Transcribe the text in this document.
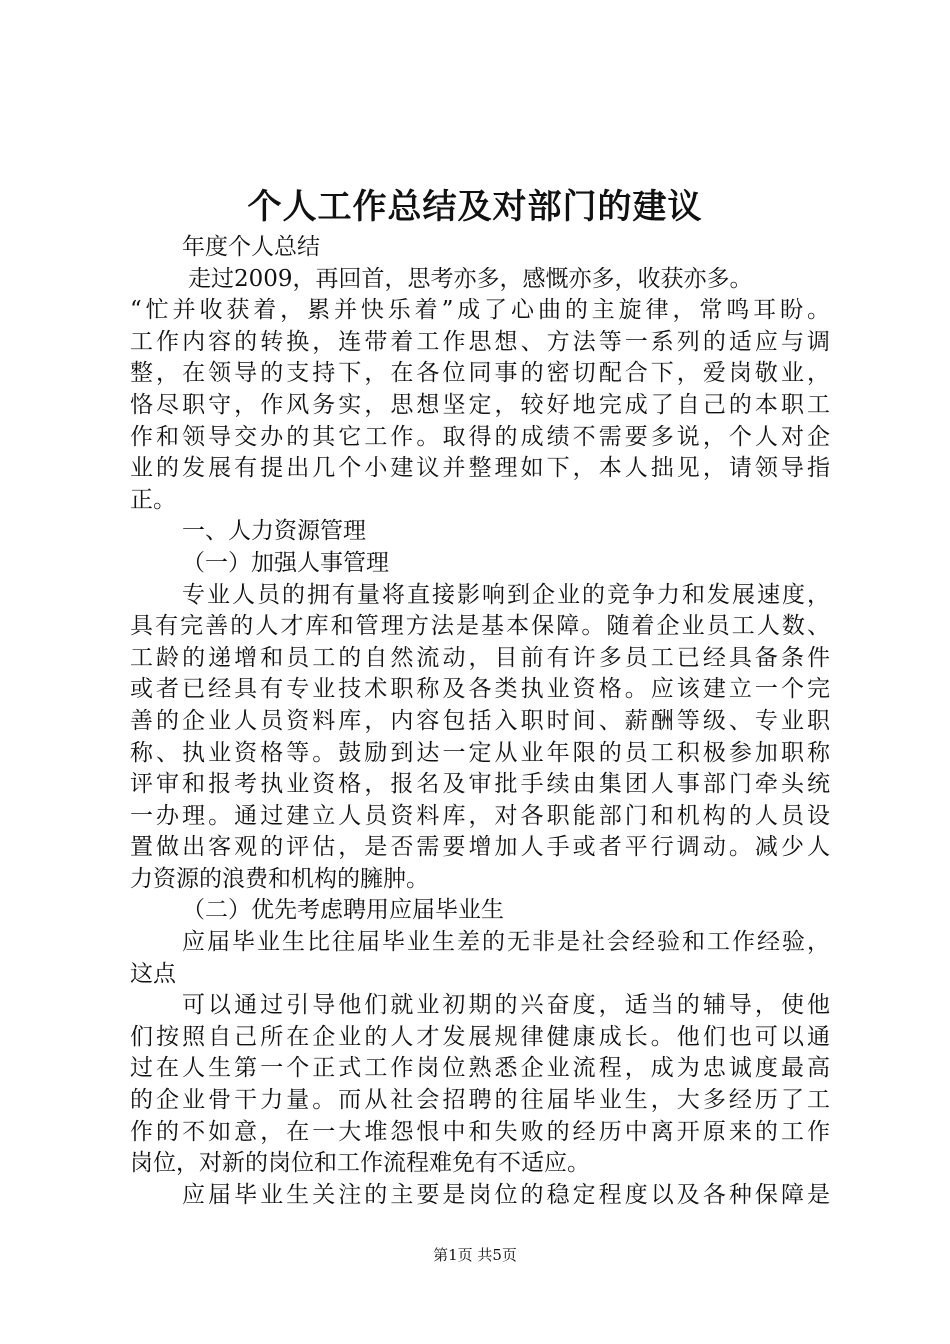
个人工作总结及对部门的建议
年度个人总结
走过2009，再回首，思考亦多，感慨亦多，收获亦多。
“忙并收获着，累并快乐着”成了心曲的主旋律，常鸣耳盼。
工作内容的转换，连带着工作思想、方法等一系列的适应与调
整，在领导的支持下，在各位同事的密切配合下，爱岗敬业，
恪尽职守，作风务实，思想坚定，较好地完成了自己的本职工
作和领导交办的其它工作。取得的成绩不需要多说，个人对企
业的发展有提出几个小建议并整理如下，本人拙见，请领导指
正。
一、人力资源管理
（一）加强人事管理
专业人员的拥有量将直接影响到企业的竞争力和发展速度，
具有完善的人才库和管理方法是基本保障。随着企业员工人数、
工龄的递增和员工的自然流动，目前有许多员工已经具备条件
或者已经具有专业技术职称及各类执业资格。应该建立一个完
善的企业人员资料库，内容包括入职时间、薪酬等级、专业职
称、执业资格等。鼓励到达一定从业年限的员工积极参加职称
评审和报考执业资格，报名及审批手续由集团人事部门牵头统
一办理。通过建立人员资料库，对各职能部门和机构的人员设
置做出客观的评估，是否需要增加人手或者平行调动。减少人
力资源的浪费和机构的臃肿。
（二）优先考虑聘用应届毕业生
应届毕业生比往届毕业生差的无非是社会经验和工作经验，
这点
可以通过引导他们就业初期的兴奋度，适当的辅导，使他
们按照自己所在企业的人才发展规律健康成长。他们也可以通
过在人生第一个正式工作岗位熟悉企业流程，成为忠诚度最高
的企业骨干力量。而从社会招聘的往届毕业生，大多经历了工
作的不如意，在一大堆怨恨中和失败的经历中离开原来的工作
岗位，对新的岗位和工作流程难免有不适应。
应届毕业生关注的主要是岗位的稳定程度以及各种保障是
第1页 共5页
